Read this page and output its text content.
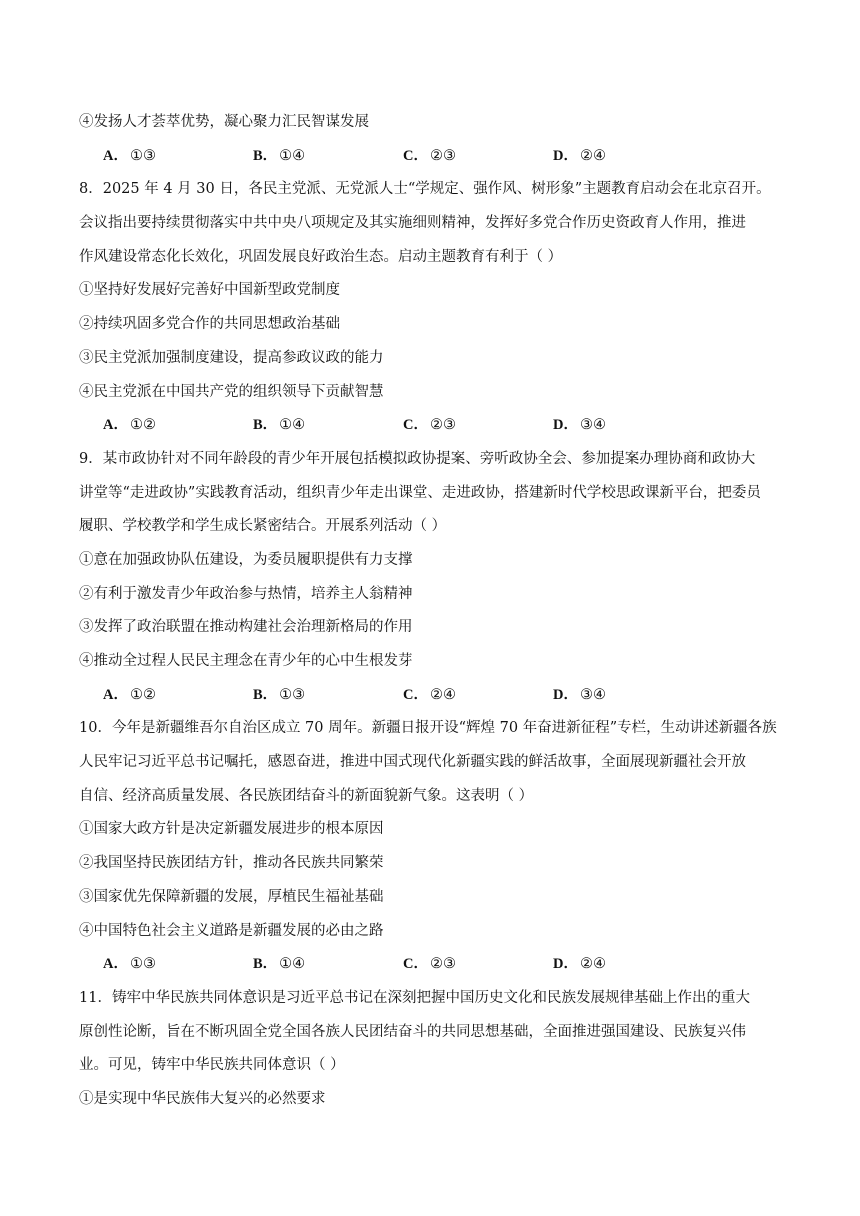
④发扬人才荟萃优势，凝心聚力汇民智谋发展
A． ①③	B． ①④	C． ②③	D． ②④
8．2025 年 4 月 30 日，各民主党派、无党派人士“学规定、强作风、树形象”主题教育启动会在北京召开。
会议指出要持续贯彻落实中共中央八项规定及其实施细则精神，发挥好多党合作历史资政育人作用，推进
作风建设常态化长效化，巩固发展良好政治生态。启动主题教育有利于（ ）
①坚持好发展好完善好中国新型政党制度
②持续巩固多党合作的共同思想政治基础
③民主党派加强制度建设，提高参政议政的能力
④民主党派在中国共产党的组织领导下贡献智慧
A． ①②	B． ①④	C． ②③	D． ③④
9．某市政协针对不同年龄段的青少年开展包括模拟政协提案、旁听政协全会、参加提案办理协商和政协大
讲堂等“走进政协”实践教育活动，组织青少年走出课堂、走进政协，搭建新时代学校思政课新平台，把委员
履职、学校教学和学生成长紧密结合。开展系列活动（ ）
①意在加强政协队伍建设，为委员履职提供有力支撑
②有利于激发青少年政治参与热情，培养主人翁精神
③发挥了政治联盟在推动构建社会治理新格局的作用
④推动全过程人民民主理念在青少年的心中生根发芽
A． ①②	B． ①③	C． ②④	D． ③④
10．今年是新疆维吾尔自治区成立 70 周年。新疆日报开设“辉煌 70 年奋进新征程”专栏，生动讲述新疆各族
人民牢记习近平总书记嘱托，感恩奋进，推进中国式现代化新疆实践的鲜活故事，全面展现新疆社会开放
自信、经济高质量发展、各民族团结奋斗的新面貌新气象。这表明（ ）
①国家大政方针是决定新疆发展进步的根本原因
②我国坚持民族团结方针，推动各民族共同繁荣
③国家优先保障新疆的发展，厚植民生福祉基础
④中国特色社会主义道路是新疆发展的必由之路
A． ①③	B． ①④	C． ②③	D． ②④
11．铸牢中华民族共同体意识是习近平总书记在深刻把握中国历史文化和民族发展规律基础上作出的重大
原创性论断，旨在不断巩固全党全国各族人民团结奋斗的共同思想基础，全面推进强国建设、民族复兴伟
业。可见，铸牢中华民族共同体意识（ ）
①是实现中华民族伟大复兴的必然要求
